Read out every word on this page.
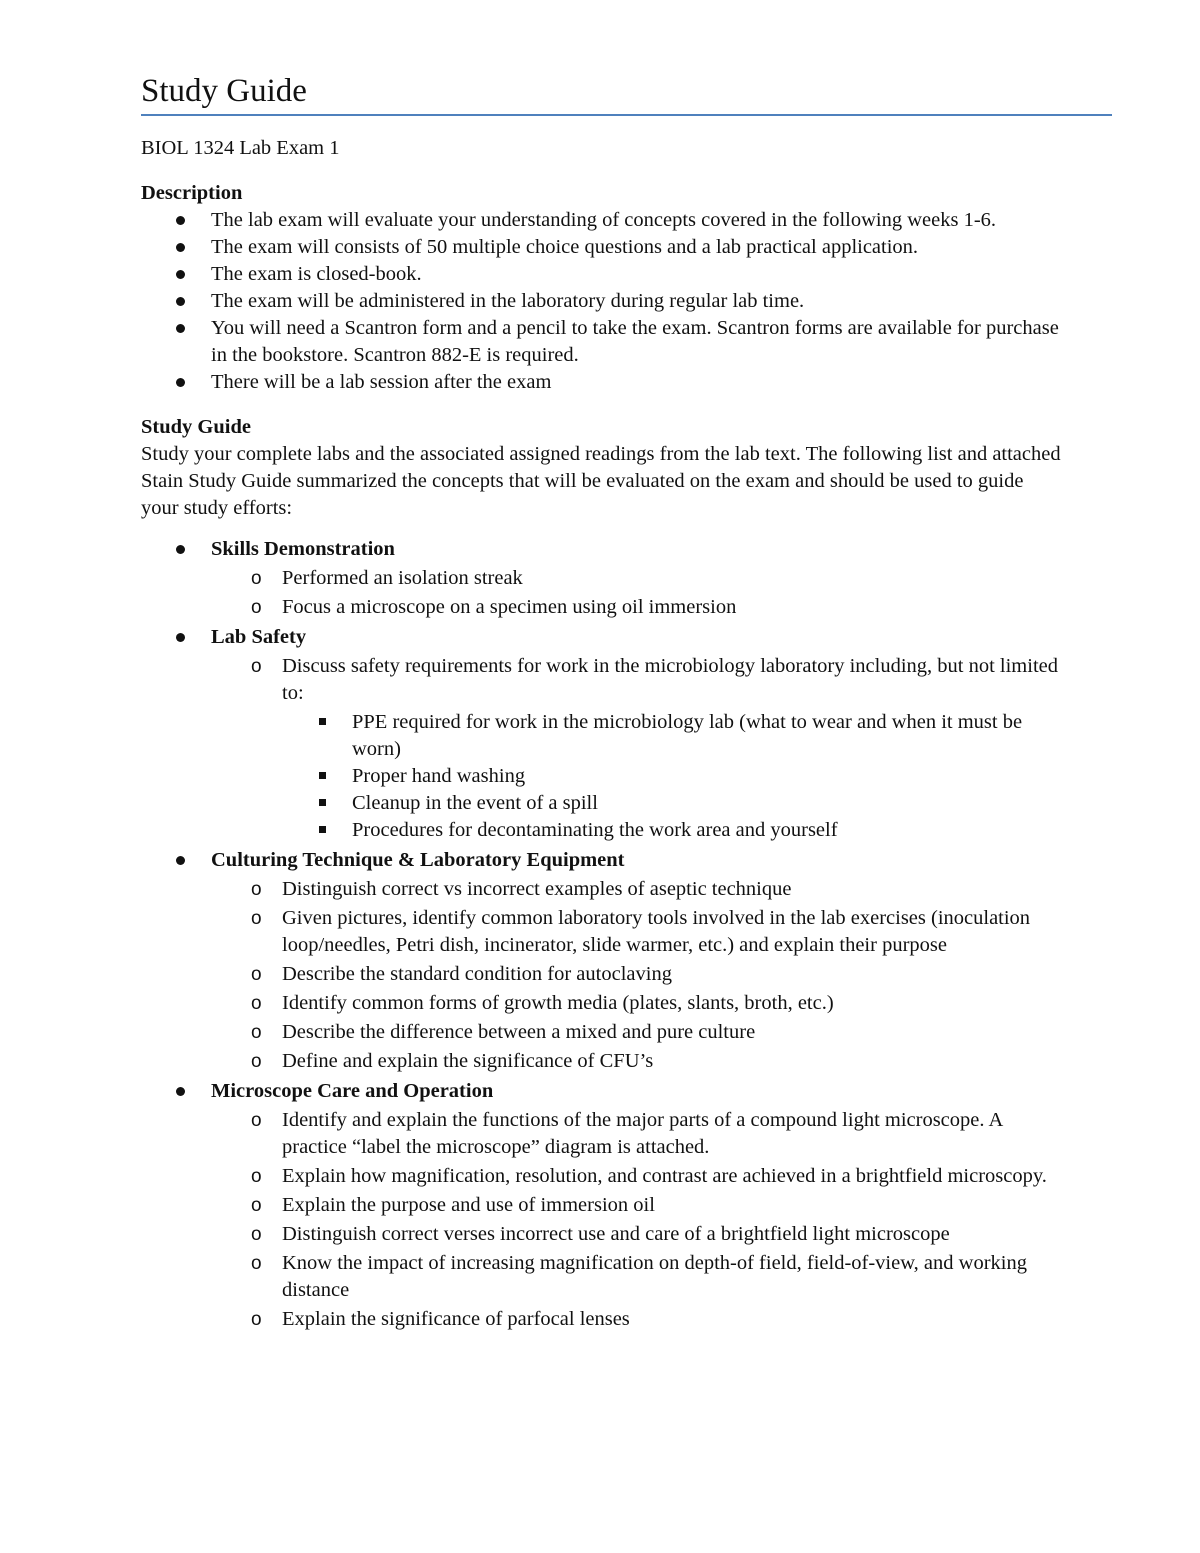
Study Guide
BIOL 1324 Lab Exam 1
Description
The lab exam will evaluate your understanding of concepts covered in the following weeks 1-6.
The exam will consists of 50 multiple choice questions and a lab practical application.
The exam is closed-book.
The exam will be administered in the laboratory during regular lab time.
You will need a Scantron form and a pencil to take the exam. Scantron forms are available for purchase in the bookstore. Scantron 882-E is required.
There will be a lab session after the exam
Study Guide

Study your complete labs and the associated assigned readings from the lab text. The following list and attached Stain Study Guide summarized the concepts that will be evaluated on the exam and should be used to guide your study efforts:

Skills Demonstration
o Performed an isolation streak
o Focus a microscope on a specimen using oil immersion
Lab Safety
o Discuss safety requirements for work in the microbiology laboratory including, but not limited to:
PPE required for work in the microbiology lab (what to wear and when it must be worn)
Proper hand washing
Cleanup in the event of a spill
Procedures for decontaminating the work area and yourself
Culturing Technique & Laboratory Equipment
o Distinguish correct vs incorrect examples of aseptic technique
o Given pictures, identify common laboratory tools involved in the lab exercises (inoculation loop/needles, Petri dish, incinerator, slide warmer, etc.) and explain their purpose
o Describe the standard condition for autoclaving
o Identify common forms of growth media (plates, slants, broth, etc.)
o Describe the difference between a mixed and pure culture
o Define and explain the significance of CFU’s
Microscope Care and Operation
o Identify and explain the functions of the major parts of a compound light microscope. A practice “label the microscope” diagram is attached.
o Explain how magnification, resolution, and contrast are achieved in a brightfield microscopy.
o Explain the purpose and use of immersion oil
o Distinguish correct verses incorrect use and care of a brightfield light microscope
o Know the impact of increasing magnification on depth-of field, field-of-view, and working distance
o Explain the significance of parfocal lenses
